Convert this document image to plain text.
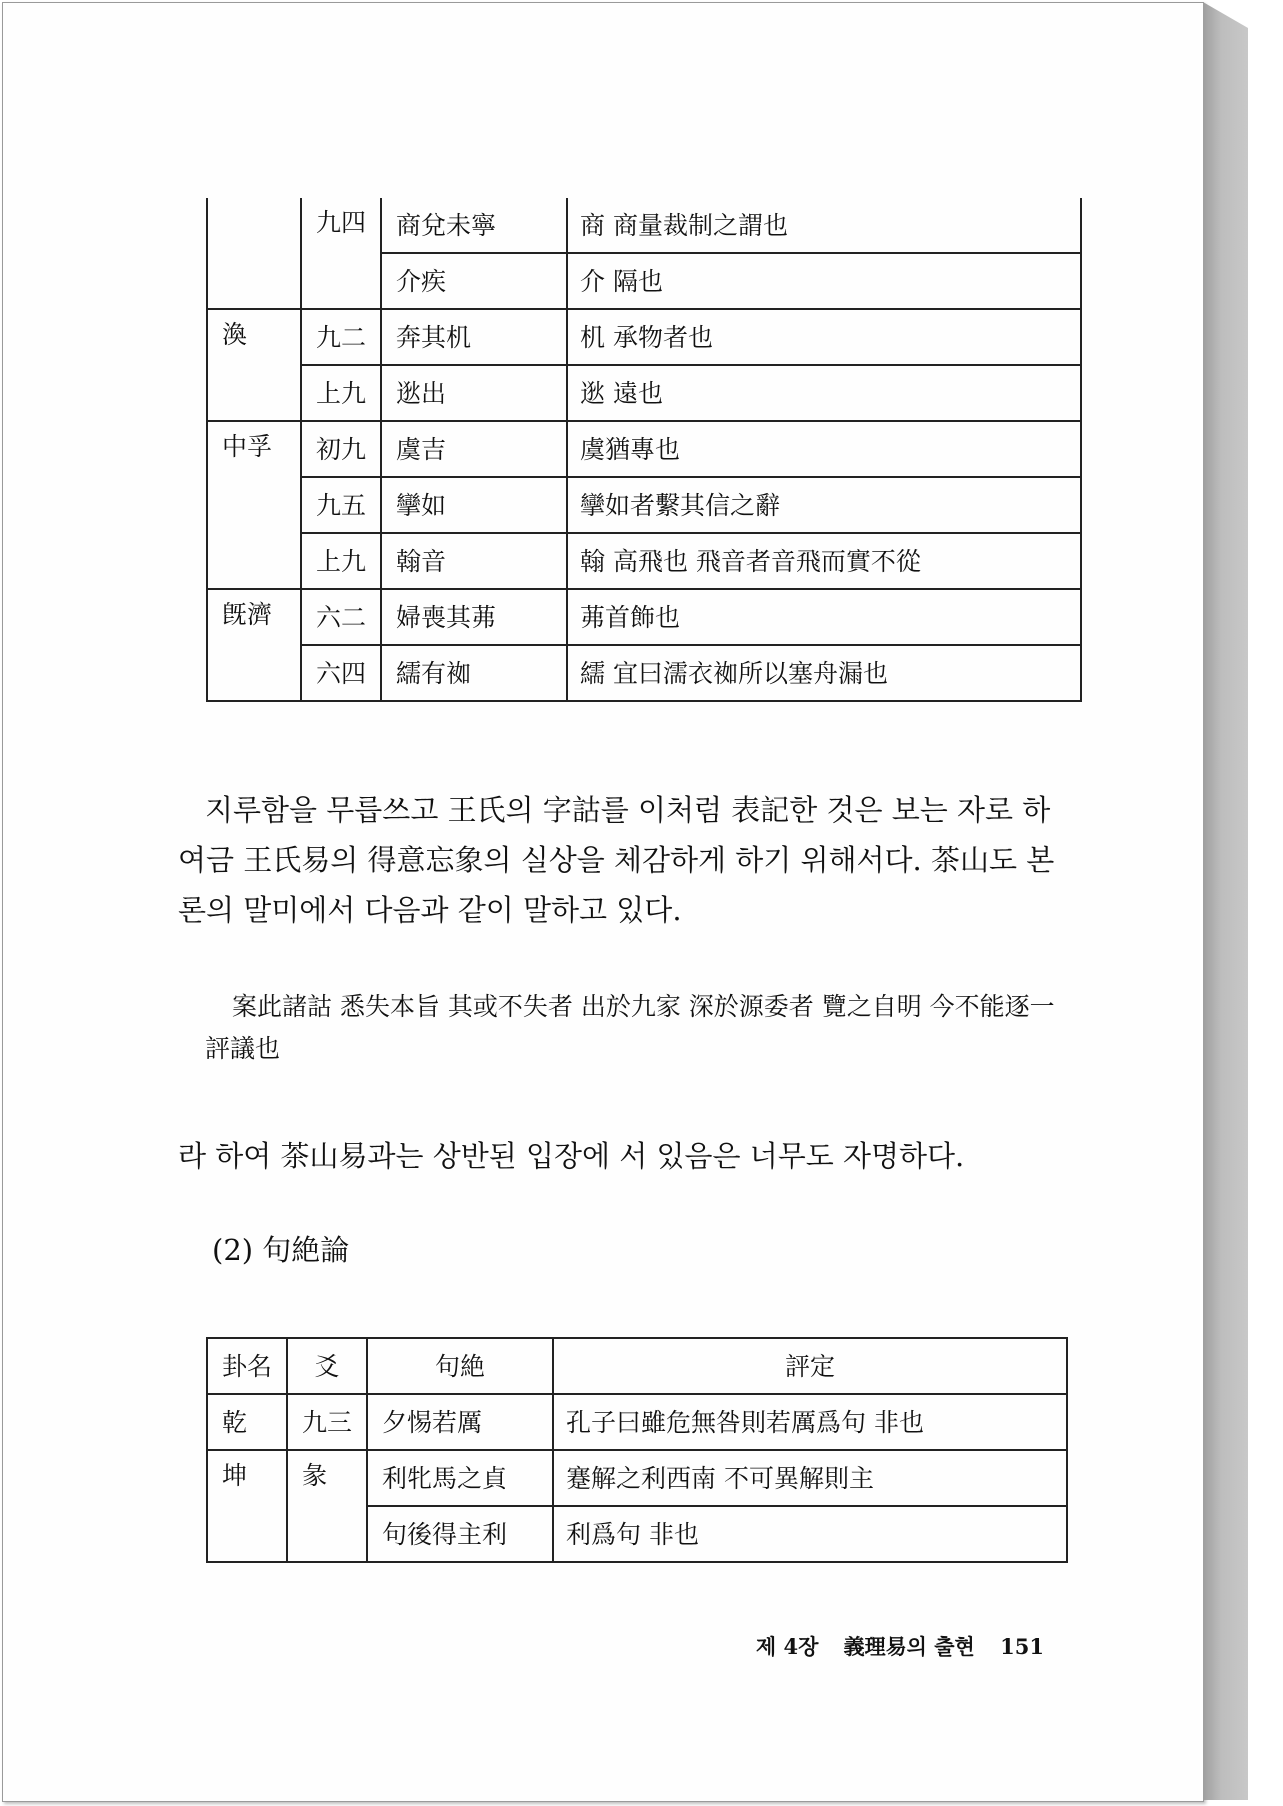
	九四	商兌未寧	商 商量裁制之謂也
		介疾	介 隔也
渙	九二	奔其机	机 承物者也
	上九	逖出	逖 遠也
中孚	初九	虞吉	虞猶專也
	九五	攣如	攣如者繫其信之辭
	上九	翰音	翰 高飛也 飛音者音飛而實不從
旣濟	六二	婦喪其茀	茀首飾也
	六四	繻有袽	繻 宜曰濡衣袽所以塞舟漏也

지루함을 무릅쓰고 王氏의 字詁를 이처럼 表記한 것은 보는 자로 하여금 王氏易의 得意忘象의 실상을 체감하게 하기 위해서다. 茶山도 본론의 말미에서 다음과 같이 말하고 있다.

案此諸詁 悉失本旨 其或不失者 出於九家 深於源委者 覽之自明 今不能逐一評議也

라 하여 茶山易과는 상반된 입장에 서 있음은 너무도 자명하다.

(2) 句絶論

卦名	爻	句絶	評定
乾	九三	夕惕若厲	孔子曰雖危無咎則若厲爲句 非也
坤	彖	利牝馬之貞	蹇解之利西南 不可異解則主
		句後得主利	利爲句 非也
제 4장 義理易의 출현 151
